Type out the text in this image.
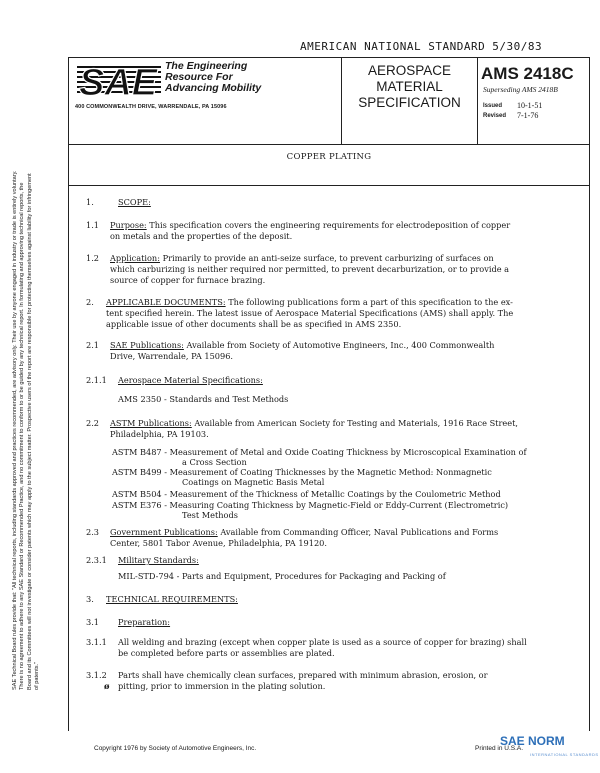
AMERICAN NATIONAL STANDARD 5/30/83
SAE The Engineering
Resource For
Advancing Mobility
400 COMMONWEALTH DRIVE, WARRENDALE, PA 15096
AEROSPACE
MATERIAL
SPECIFICATION
AMS 2418C
Superseding AMS 2418B
Issued 10-1-51
Revised 7-1-76
COPPER PLATING
1.	SCOPE:
1.1 Purpose: This specification covers the engineering requirements for electrodeposition of copper
on metals and the properties of the deposit.
1.2 Application: Primarily to provide an anti-seize surface, to prevent carburizing of surfaces on
which carburizing is neither required nor permitted, to prevent decarburization, or to provide a
source of copper for furnace brazing.
2. APPLICABLE DOCUMENTS: The following publications form a part of this specification to the ex-
tent specified herein. The latest issue of Aerospace Material Specifications (AMS) shall apply. The
applicable issue of other documents shall be as specified in AMS 2350.
2.1 SAE Publications: Available from Society of Automotive Engineers, Inc., 400 Commonwealth
Drive, Warrendale, PA 15096.
2.1.1 Aerospace Material Specifications:
AMS 2350 - Standards and Test Methods
2.2 ASTM Publications: Available from American Society for Testing and Materials, 1916 Race Street,
Philadelphia, PA 19103.
ASTM B487 - Measurement of Metal and Oxide Coating Thickness by Microscopical Examination of
a Cross Section
ASTM B499 - Measurement of Coating Thicknesses by the Magnetic Method: Nonmagnetic
Coatings on Magnetic Basis Metal
ASTM B504 - Measurement of the Thickness of Metallic Coatings by the Coulometric Method
ASTM E376 - Measuring Coating Thickness by Magnetic-Field or Eddy-Current (Electrometric)
Test Methods
2.3 Government Publications: Available from Commanding Officer, Naval Publications and Forms
Center, 5801 Tabor Avenue, Philadelphia, PA 19120.
2.3.1 Military Standards:
MIL-STD-794 - Parts and Equipment, Procedures for Packaging and Packing of
3. TECHNICAL REQUIREMENTS:
3.1 Preparation:
3.1.1 All welding and brazing (except when copper plate is used as a source of copper for brazing) shall
be completed before parts or assemblies are plated.
3.1.2 Parts shall have chemically clean surfaces, prepared with minimum abrasion, erosion, or
ø pitting, prior to immersion in the plating solution.
SAE Technical Board rules provide that: "All technical reports, including standards approved and practices recommended, are advisory only. Their use by anyone engaged in industry or trade is entirely voluntary. There is no agreement to adhere to any SAE Standard or Recommended Practice, and no commitment to conform to or be guided by any technical report. In formulating and approving technical reports, the Board and its Committees will not investigate or consider patents which may apply to the subject matter. Prospective users of the report are responsible for protecting themselves against liability for infringement of patents."
Copyright 1976 by Society of Automotive Engineers, Inc.	Printed in U.S.A.
SAE NORM
INTERNATIONAL STANDARDS
